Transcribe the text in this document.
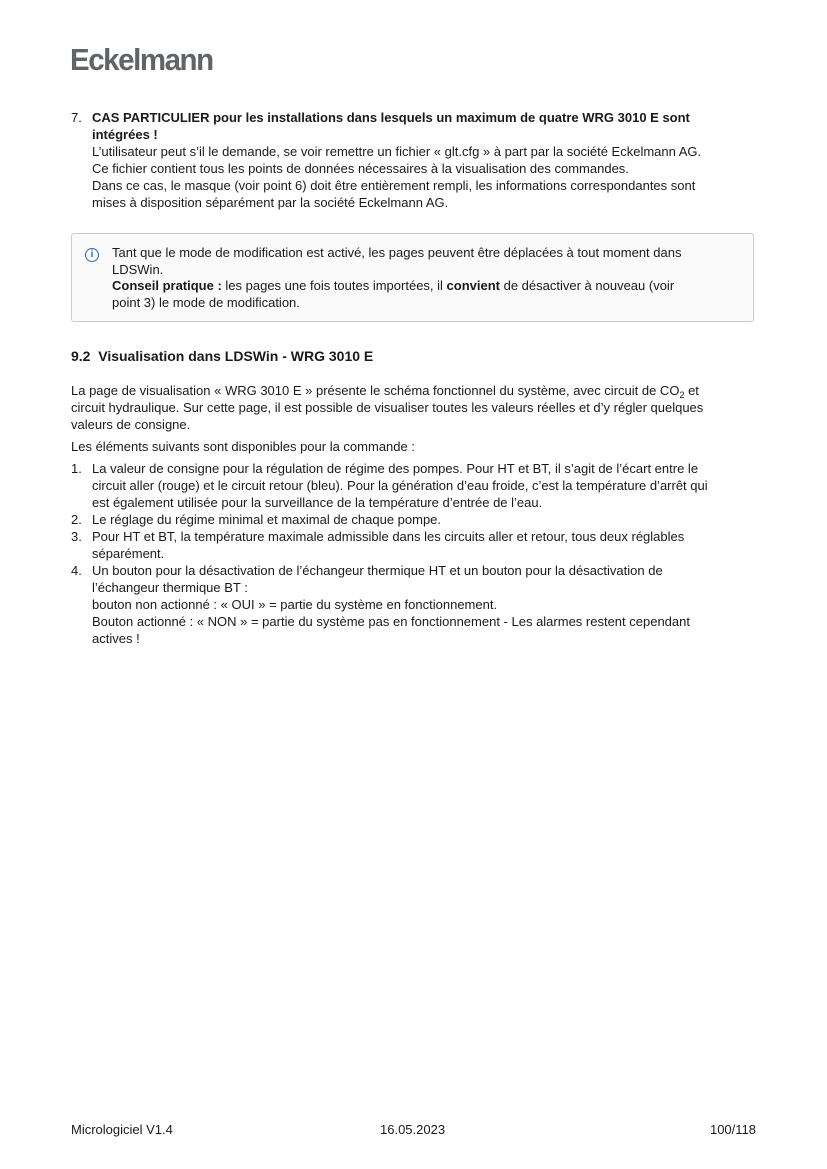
Eckelmann
7. CAS PARTICULIER pour les installations dans lesquels un maximum de quatre WRG 3010 E sont
intégrées !
L’utilisateur peut s’il le demande, se voir remettre un fichier « glt.cfg » à part par la société Eckelmann AG.
Ce fichier contient tous les points de données nécessaires à la visualisation des commandes.
Dans ce cas, le masque (voir point 6) doit être entièrement rempli, les informations correspondantes sont
mises à disposition séparément par la société Eckelmann AG.
i	Tant que le mode de modification est activé, les pages peuvent être déplacées à tout moment dans
LDSWin.
Conseil pratique : les pages une fois toutes importées, il convient de désactiver à nouveau (voir
point 3) le mode de modification.
9.2  Visualisation dans LDSWin - WRG 3010 E
La page de visualisation « WRG 3010 E » présente le schéma fonctionnel du système, avec circuit de $CO_2$ et
circuit hydraulique. Sur cette page, il est possible de visualiser toutes les valeurs réelles et d’y régler quelques
valeurs de consigne.
Les éléments suivants sont disponibles pour la commande :
1. La valeur de consigne pour la régulation de régime des pompes. Pour HT et BT, il s’agit de l’écart entre le
circuit aller (rouge) et le circuit retour (bleu). Pour la génération d’eau froide, c’est la température d’arrêt qui
est également utilisée pour la surveillance de la température d’entrée de l’eau.
2. Le réglage du régime minimal et maximal de chaque pompe.
3. Pour HT et BT, la température maximale admissible dans les circuits aller et retour, tous deux réglables
séparément.
4. Un bouton pour la désactivation de l’échangeur thermique HT et un bouton pour la désactivation de
l’échangeur thermique BT :
bouton non actionné : « OUI » = partie du système en fonctionnement.
Bouton actionné : « NON » = partie du système pas en fonctionnement - Les alarmes restent cependant
actives !
Micrologiciel V1.4	16.05.2023	100/118
